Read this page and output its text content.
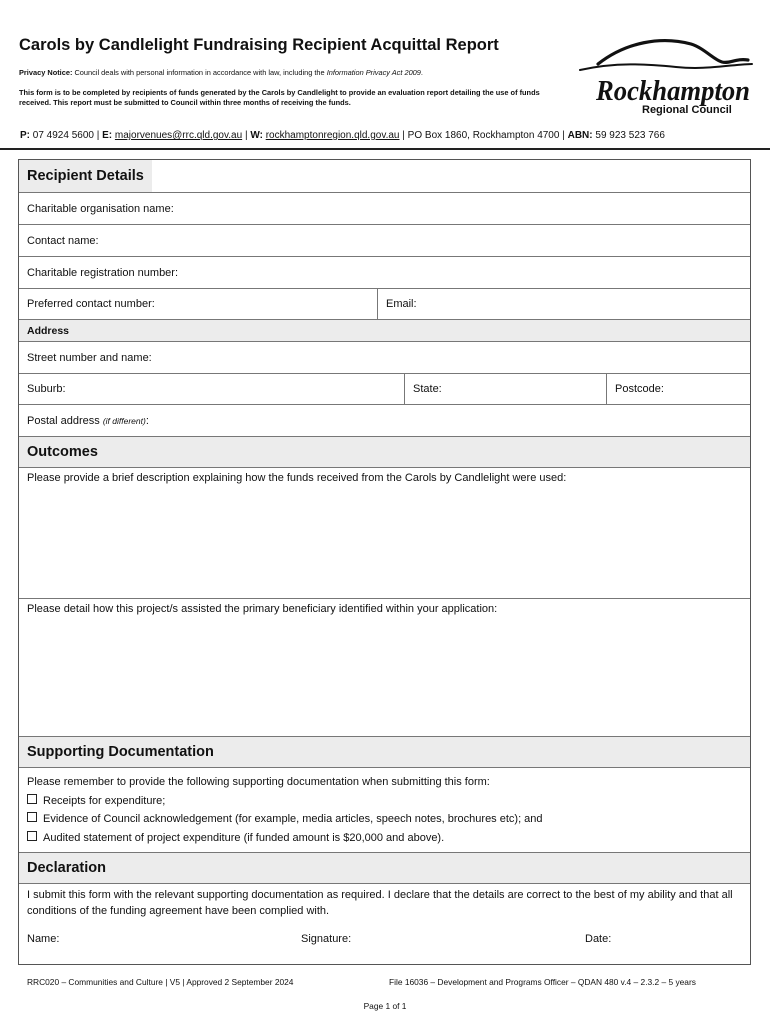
Carols by Candlelight Fundraising Recipient Acquittal Report
Privacy Notice: Council deals with personal information in accordance with law, including the Information Privacy Act 2009.
This form is to be completed by recipients of funds generated by the Carols by Candlelight to provide an evaluation report detailing the use of funds received. This report must be submitted to Council within three months of receiving the funds.	Rockhampton
Regional Council
P: 07 4924 5600 | E: majorvenues@rrc.qld.gov.au | W: rockhamptonregion.qld.gov.au | PO Box 1860, Rockhampton 4700 | ABN: 59 923 523 766
Recipient Details
Charitable organisation name:
Contact name:
Charitable registration number:
Preferred contact number:	Email:
Address
Street number and name:
Suburb:	State:	Postcode:
Postal address
(if different) :
Outcomes
Please provide a brief description explaining how the funds received from the Carols by Candlelight were used:
Please detail how this project/s assisted the primary beneficiary identified within your application:
Supporting Documentation
Please remember to provide the following supporting documentation when submitting this form:
Receipts for expenditure;
Evidence of Council acknowledgement (for example, media articles, speech notes, brochures etc); and
Audited statement of project expenditure (if funded amount is $20,000 and above).
Declaration
I submit this form with the relevant supporting documentation as required. I declare that the details are correct to the best of my ability and that all conditions of the funding agreement have been complied with.
Name:	Signature:	Date:
RRC020 – Communities and Culture | V5 | Approved 2 September 2024	File 16036 – Development and Programs Officer – QDAN 480 v.4 – 2.3.2 – 5 years
Page 1 of 1
